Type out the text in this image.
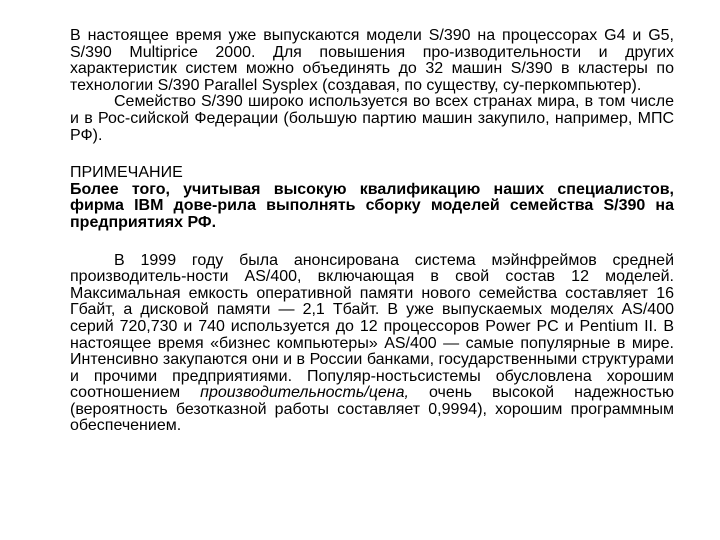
В настоящее время уже выпускаются модели S/390 на процессорах G4 и G5, S/390 Multiprice 2000. Для повышения про-изводительности и других характеристик систем можно объединять до 32 машин S/390 в кластеры по технологии S/390 Parallel Sysplex (создавая, по существу, су-перкомпьютер).

Семейство S/390 широко используется во всех странах мира, в том числе и в Рос-сийской Федерации (большую партию машин закупило, например, МПС РФ).

ПРИМЕЧАНИЕ

Более того, учитывая высокую квалификацию наших специалистов, фирма IBM дове-рила выполнять сборку моделей семейства S/390 на предприятиях РФ.

В 1999 году была анонсирована система мэйнфреймов средней производитель-ности AS/400, включающая в свой состав 12 моделей. Максимальная емкость оперативной памяти нового семейства составляет 16 Гбайт, а дисковой памяти — 2,1 Тбайт. В уже выпускаемых моделях AS/400 серий 720,730 и 740 используется до 12 процессоров Power PC и Pentium II. В настоящее время «бизнес компьютеры» AS/400 — самые популярные в мире. Интенсивно закупаются они и в России банками, государственными структурами и прочими предприятиями. Популяр-ностьсистемы обусловлена хорошим соотношением производительность/цена, очень высокой надежностью (вероятность безотказной работы составляет 0,9994), хорошим программным обеспечением.
